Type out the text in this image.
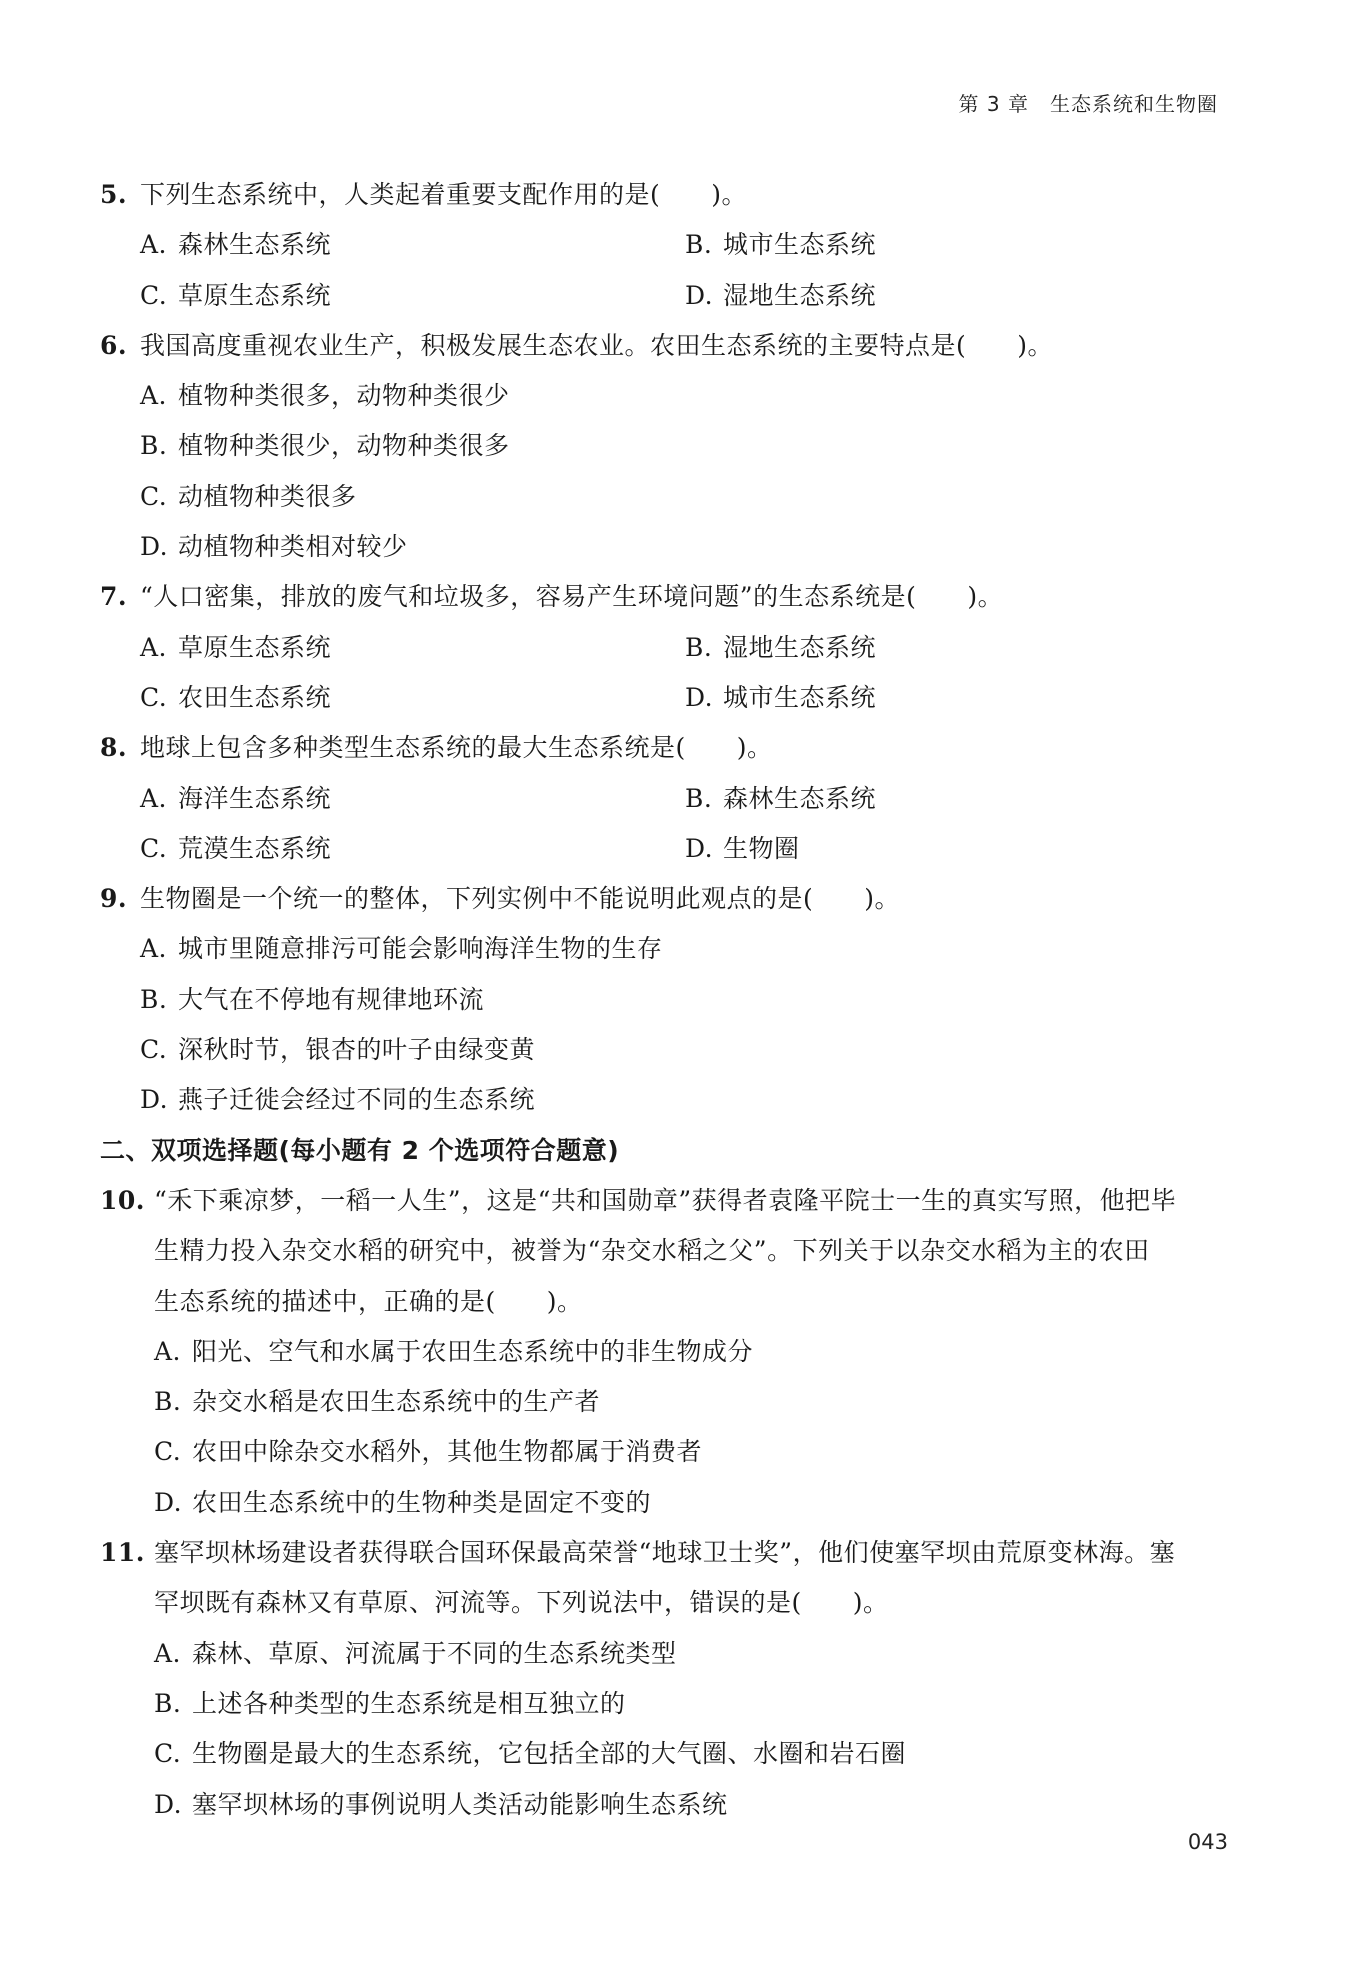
第 3 章　生态系统和生物圈
5. 下列生态系统中，人类起着重要支配作用的是(　　)。
A. 森林生态系统	B. 城市生态系统
C. 草原生态系统	D. 湿地生态系统
6. 我国高度重视农业生产，积极发展生态农业。农田生态系统的主要特点是(　　)。
A. 植物种类很多，动物种类很少
B. 植物种类很少，动物种类很多
C. 动植物种类很多
D. 动植物种类相对较少
7. “人口密集，排放的废气和垃圾多，容易产生环境问题”的生态系统是(　　)。
A. 草原生态系统	B. 湿地生态系统
C. 农田生态系统	D. 城市生态系统
8. 地球上包含多种类型生态系统的最大生态系统是(　　)。
A. 海洋生态系统	B. 森林生态系统
C. 荒漠生态系统	D. 生物圈
9. 生物圈是一个统一的整体，下列实例中不能说明此观点的是(　　)。
A. 城市里随意排污可能会影响海洋生物的生存
B. 大气在不停地有规律地环流
C. 深秋时节，银杏的叶子由绿变黄
D. 燕子迁徙会经过不同的生态系统
二、双项选择题(每小题有 2 个选项符合题意)
10. “禾下乘凉梦，一稻一人生”，这是“共和国勋章”获得者袁隆平院士一生的真实写照，他把毕
生精力投入杂交水稻的研究中，被誉为“杂交水稻之父”。下列关于以杂交水稻为主的农田
生态系统的描述中，正确的是(　　)。
A. 阳光、空气和水属于农田生态系统中的非生物成分
B. 杂交水稻是农田生态系统中的生产者
C. 农田中除杂交水稻外，其他生物都属于消费者
D. 农田生态系统中的生物种类是固定不变的
11. 塞罕坝林场建设者获得联合国环保最高荣誉“地球卫士奖”，他们使塞罕坝由荒原变林海。塞
罕坝既有森林又有草原、河流等。下列说法中，错误的是(　　)。
A. 森林、草原、河流属于不同的生态系统类型
B. 上述各种类型的生态系统是相互独立的
C. 生物圈是最大的生态系统，它包括全部的大气圈、水圈和岩石圈
D. 塞罕坝林场的事例说明人类活动能影响生态系统
043
